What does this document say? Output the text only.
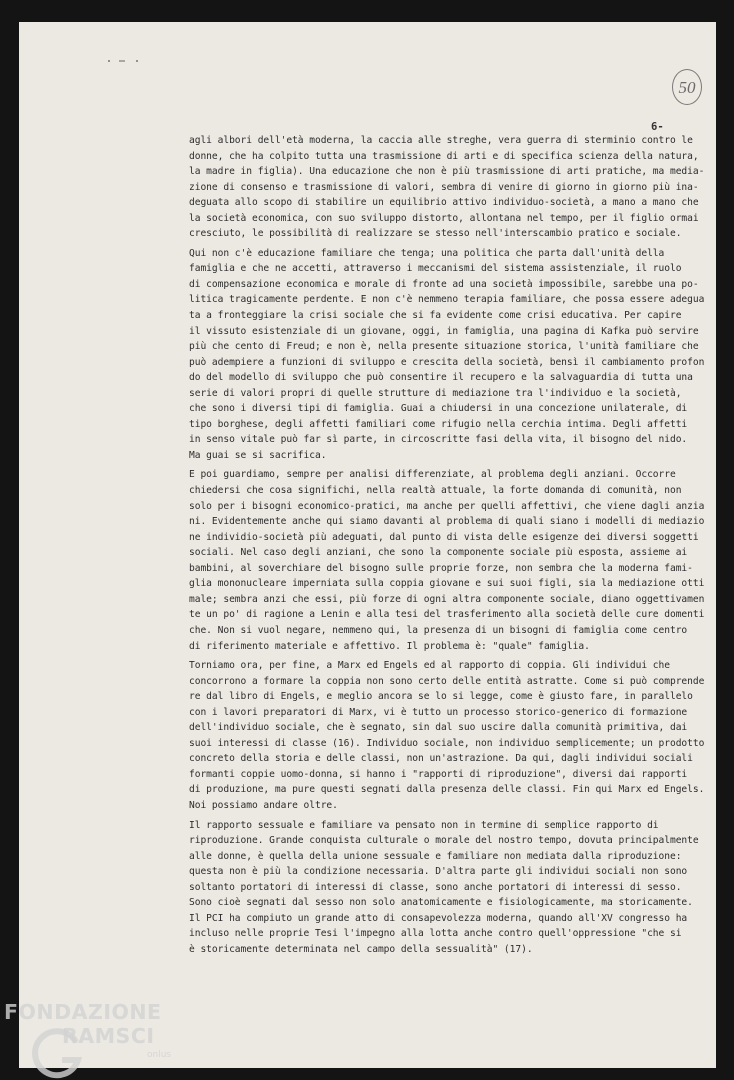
50
6-
agli albori dell'età moderna, la caccia alle streghe, vera guerra di sterminio contro le
donne, che ha colpito tutta una trasmissione di arti e di specifica scienza della natura,
la madre in figlia). Una educazione che non è più trasmissione di arti pratiche, ma media-
zione di consenso e trasmissione di valori, sembra di venire di giorno in giorno più ina-
deguata allo scopo di stabilire un equilibrio attivo individuo-società, a mano a mano che
la società economica, con suo sviluppo distorto, allontana nel tempo, per il figlio ormai
cresciuto, le possibilità di realizzare se stesso nell'interscambio pratico e sociale.
Qui non c'è educazione familiare che tenga; una politica che parta dall'unità della
famiglia e che ne accetti, attraverso i meccanismi del sistema assistenziale, il ruolo
di compensazione economica e morale di fronte ad una società impossibile, sarebbe una po-
litica tragicamente perdente. E non c'è nemmeno terapia familiare, che possa essere adegua
ta a fronteggiare la crisi sociale che si fa evidente come crisi educativa. Per capire
il vissuto esistenziale di un giovane, oggi, in famiglia, una pagina di Kafka può servire
più che cento di Freud; e non è, nella presente situazione storica, l'unità familiare che
può adempiere a funzioni di sviluppo e crescita della società, bensì il cambiamento profon
do del modello di sviluppo che può consentire il recupero e la salvaguardia di tutta una
serie di valori propri di quelle strutture di mediazione tra l'individuo e la società,
che sono i diversi tipi di famiglia. Guai a chiudersi in una concezione unilaterale, di
tipo borghese, degli affetti familiari come rifugio nella cerchia intima. Degli affetti
in senso vitale può far sì parte, in circoscritte fasi della vita, il bisogno del nido.
Ma guai se si sacrifica.
E poi guardiamo, sempre per analisi differenziate, al problema degli anziani. Occorre
chiedersi che cosa significhi, nella realtà attuale, la forte domanda di comunità, non
solo per i bisogni economico-pratici, ma anche per quelli affettivi, che viene dagli anzia
ni. Evidentemente anche qui siamo davanti al problema di quali siano i modelli di mediazio
ne individio-società più adeguati, dal punto di vista delle esigenze dei diversi soggetti
sociali. Nel caso degli anziani, che sono la componente sociale più esposta, assieme ai
bambini, al soverchiare del bisogno sulle proprie forze, non sembra che la moderna fami-
glia mononucleare imperniata sulla coppia giovane e sui suoi figli, sia la mediazione otti
male; sembra anzi che essi, più forze di ogni altra componente sociale, diano oggettivamen
te un po' di ragione a Lenin e alla tesi del trasferimento alla società delle cure domenti
che. Non si vuol negare, nemmeno qui, la presenza di un bisogni di famiglia come centro
di riferimento materiale e affettivo. Il problema è: "quale" famiglia.
Torniamo ora, per fine, a Marx ed Engels ed al rapporto di coppia. Gli individui che
concorrono a formare la coppia non sono certo delle entità astratte. Come si può comprende
re dal libro di Engels, e meglio ancora se lo si legge, come è giusto fare, in parallelo
con i lavori preparatori di Marx, vi è tutto un processo storico-generico di formazione
dell'individuo sociale, che è segnato, sin dal suo uscire dalla comunità primitiva, dai
suoi interessi di classe (16). Individuo sociale, non individuo semplicemente; un prodotto
concreto della storia e delle classi, non un'astrazione. Da qui, dagli individui sociali
formanti coppie uomo-donna, si hanno i "rapporti di riproduzione", diversi dai rapporti
di produzione, ma pure questi segnati dalla presenza delle classi. Fin qui Marx ed Engels.
Noi possiamo andare oltre.
Il rapporto sessuale e familiare va pensato non in termine di semplice rapporto di
riproduzione. Grande conquista culturale o morale del nostro tempo, dovuta principalmente
alle donne, è quella della unione sessuale e familiare non mediata dalla riproduzione:
questa non è più la condizione necessaria. D'altra parte gli individui sociali non sono
soltanto portatori di interessi di classe, sono anche portatori di interessi di sesso.
Sono cioè segnati dal sesso non solo anatomicamente e fisiologicamente, ma storicamente.
Il PCI ha compiuto un grande atto di consapevolezza moderna, quando all'XV congresso ha
incluso nelle proprie Tesi l'impegno alla lotta anche contro quell'oppressione "che si
è storicamente determinata nel campo della sessualità" (17).
FONDAZIONE
RAMSCI
onlus
